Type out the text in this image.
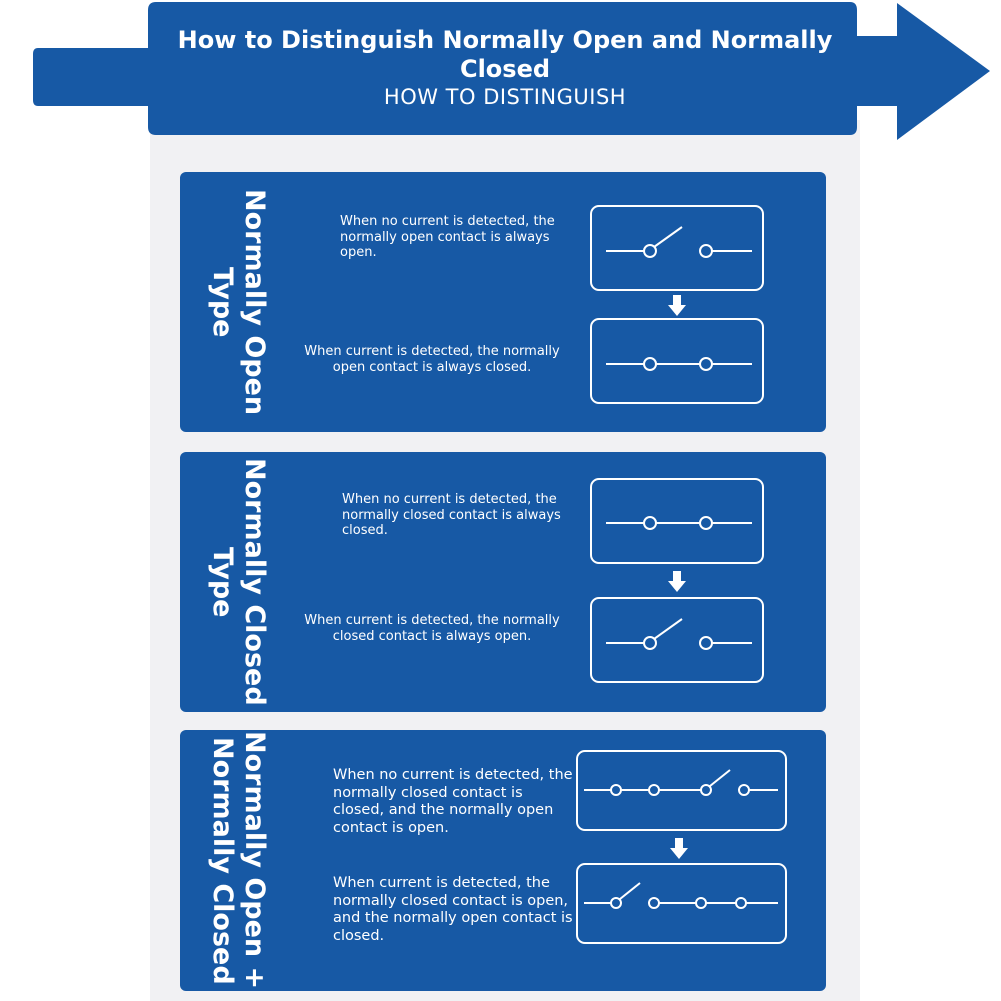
How to Distinguish Normally Open and Normally Closed
HOW TO DISTINGUISH
Normally Open Type
When no current is detected, the normally open contact is always open.
When current is detected, the normally open contact is always closed.
Normally Closed Type
When no current is detected, the normally closed contact is always closed.
When current is detected, the normally closed contact is always open.
Normally Open + Normally Closed	When no current is detected, the normally closed contact is closed, and the normally open contact is open.
When current is detected, the normally closed contact is open, and the normally open contact is closed.
